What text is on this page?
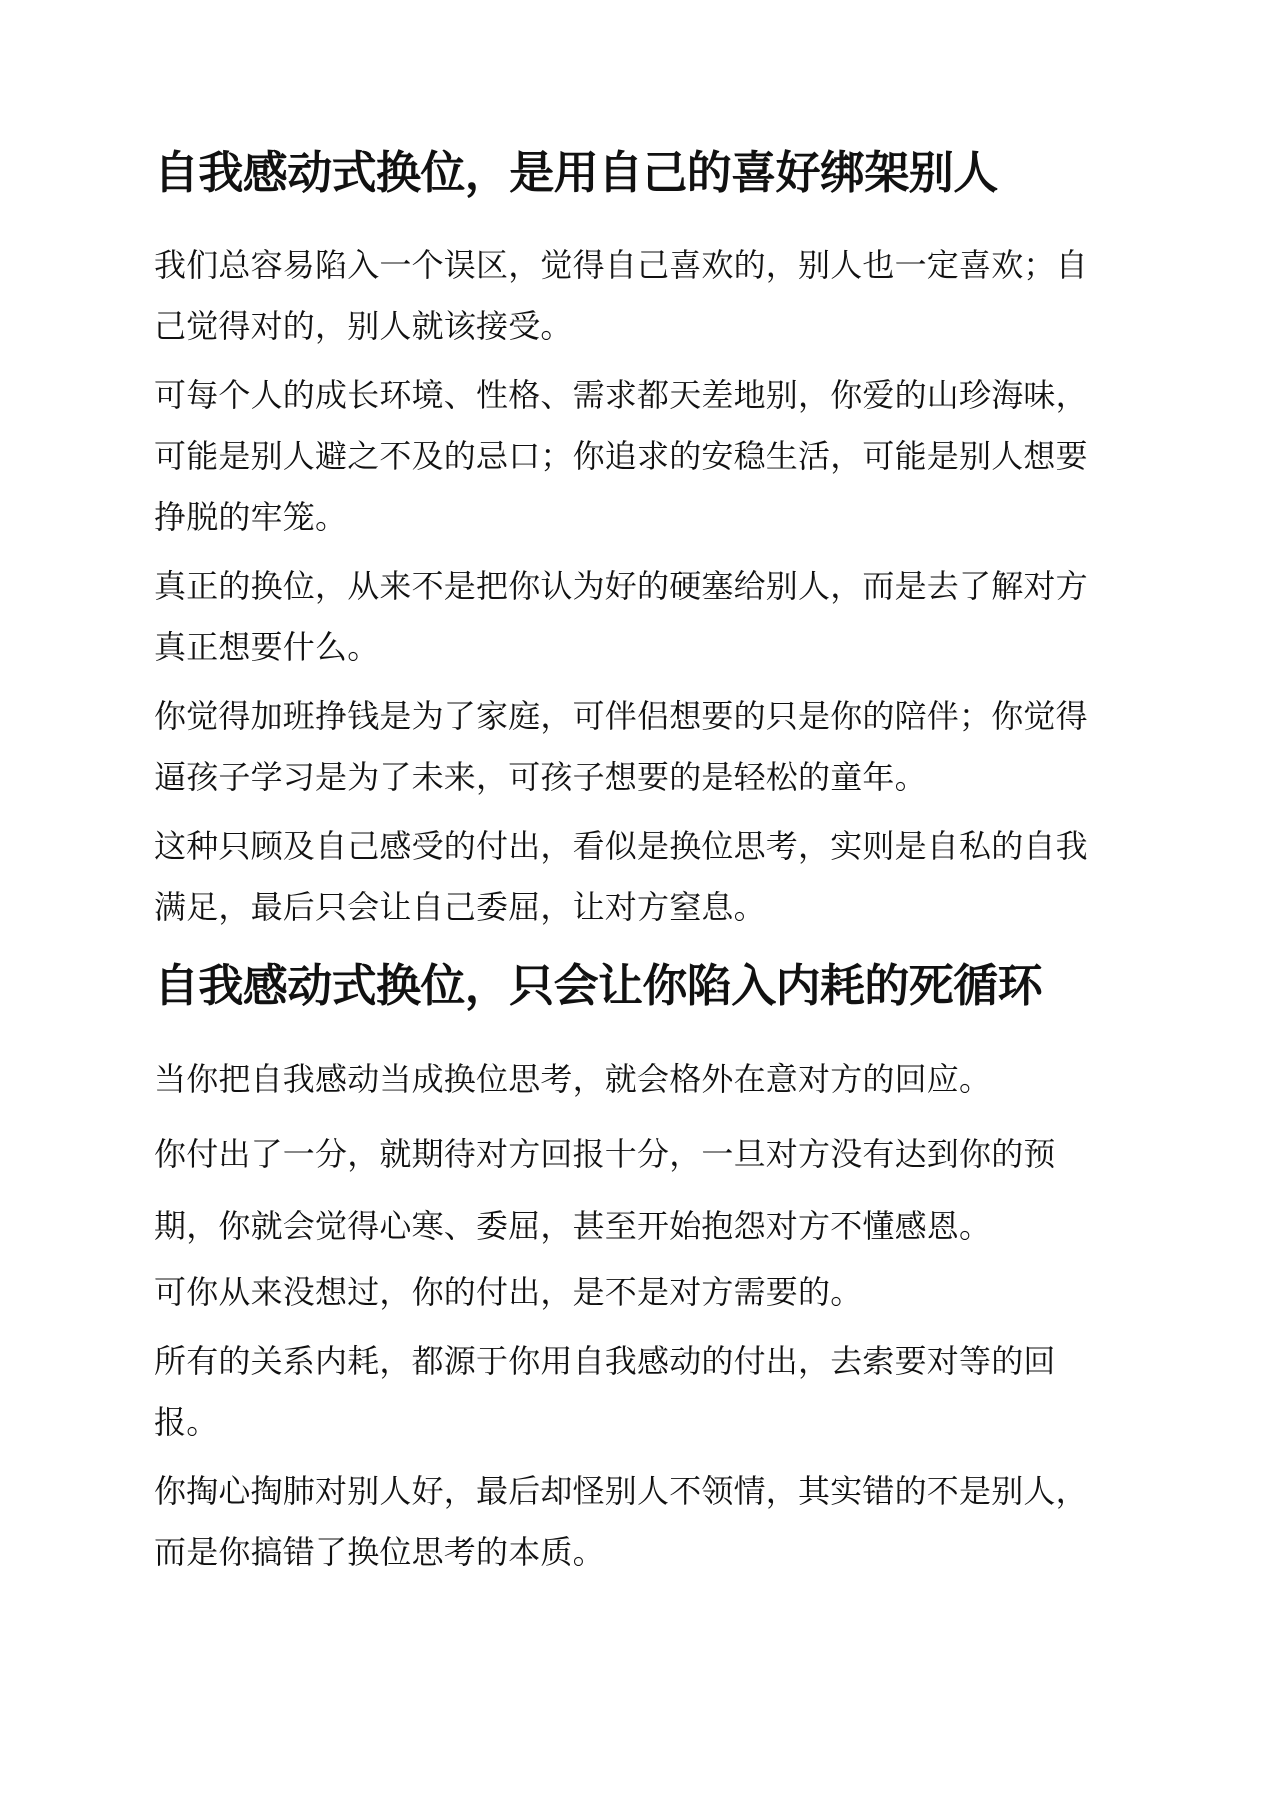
自我感动式换位，是用自己的喜好绑架别人

我们总容易陷入一个误区，觉得自己喜欢的，别人也一定喜欢；自己觉得对的，别人就该接受。

可每个人的成长环境、性格、需求都天差地别，你爱的山珍海味，可能是别人避之不及的忌口；你追求的安稳生活，可能是别人想要挣脱的牢笼。

真正的换位，从来不是把你认为好的硬塞给别人，而是去了解对方真正想要什么。

你觉得加班挣钱是为了家庭，可伴侣想要的只是你的陪伴；你觉得逼孩子学习是为了未来，可孩子想要的是轻松的童年。

这种只顾及自己感受的付出，看似是换位思考，实则是自私的自我满足，最后只会让自己委屈，让对方窒息。

自我感动式换位，只会让你陷入内耗的死循环

当你把自我感动当成换位思考，就会格外在意对方的回应。

你付出了一分，就期待对方回报十分，一旦对方没有达到你的预期，你就会觉得心寒、委屈，甚至开始抱怨对方不懂感恩。

可你从来没想过，你的付出，是不是对方需要的。

所有的关系内耗，都源于你用自我感动的付出，去索要对等的回报。

你掏心掏肺对别人好，最后却怪别人不领情，其实错的不是别人，而是你搞错了换位思考的本质。
